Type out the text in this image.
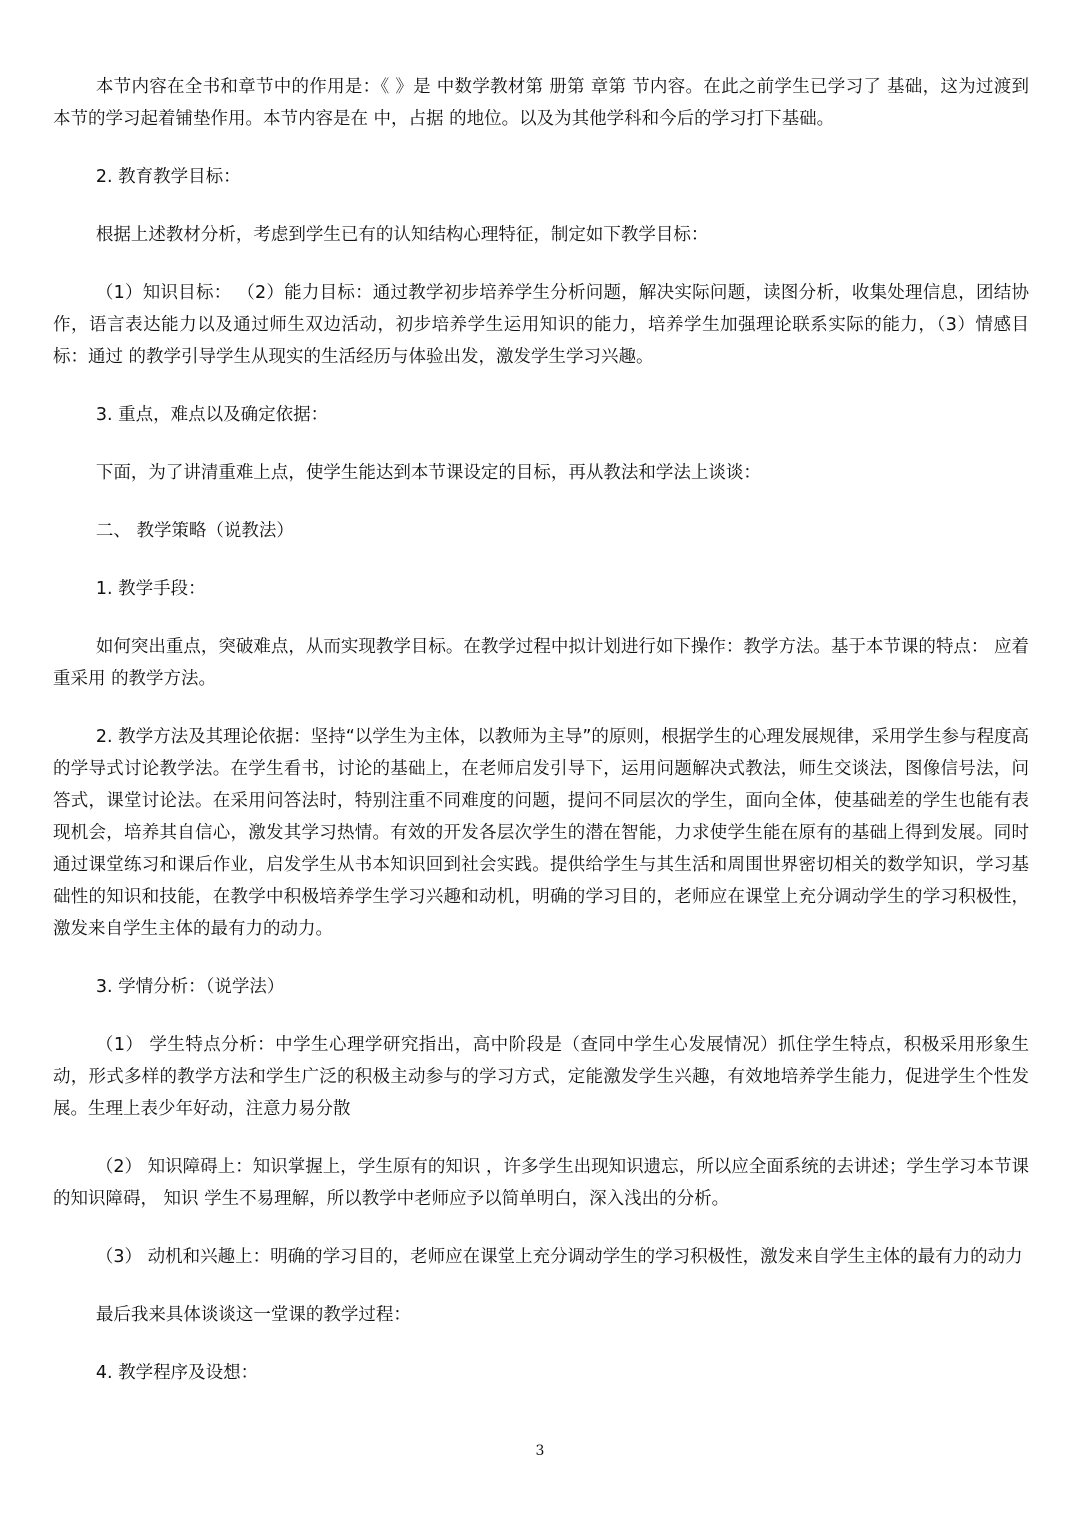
本节内容在全书和章节中的作用是：《 》是 中数学教材第 册第 章第 节内容。在此之前学生已学习了 基础，这为过渡到本节的学习起着铺垫作用。本节内容是在 中，占据 的地位。以及为其他学科和今后的学习打下基础。

2. 教育教学目标：

根据上述教材分析，考虑到学生已有的认知结构心理特征，制定如下教学目标：

（1）知识目标： （2）能力目标：通过教学初步培养学生分析问题，解决实际问题，读图分析，收集处理信息，团结协作，语言表达能力以及通过师生双边活动，初步培养学生运用知识的能力，培养学生加强理论联系实际的能力，（3）情感目标：通过 的教学引导学生从现实的生活经历与体验出发，激发学生学习兴趣。

3. 重点，难点以及确定依据：

下面，为了讲清重难上点，使学生能达到本节课设定的目标，再从教法和学法上谈谈：

二、 教学策略（说教法）

1. 教学手段：

如何突出重点，突破难点，从而实现教学目标。在教学过程中拟计划进行如下操作：教学方法。基于本节课的特点： 应着重采用 的教学方法。

2. 教学方法及其理论依据：坚持“以学生为主体，以教师为主导”的原则，根据学生的心理发展规律，采用学生参与程度高的学导式讨论教学法。在学生看书，讨论的基础上，在老师启发引导下，运用问题解决式教法，师生交谈法，图像信号法，问答式，课堂讨论法。在采用问答法时，特别注重不同难度的问题，提问不同层次的学生，面向全体，使基础差的学生也能有表现机会，培养其自信心，激发其学习热情。有效的开发各层次学生的潜在智能，力求使学生能在原有的基础上得到发展。同时通过课堂练习和课后作业，启发学生从书本知识回到社会实践。提供给学生与其生活和周围世界密切相关的数学知识，学习基础性的知识和技能，在教学中积极培养学生学习兴趣和动机，明确的学习目的，老师应在课堂上充分调动学生的学习积极性，激发来自学生主体的最有力的动力。

3. 学情分析：（说学法）

（1） 学生特点分析：中学生心理学研究指出，高中阶段是（查同中学生心发展情况）抓住学生特点，积极采用形象生动，形式多样的教学方法和学生广泛的积极主动参与的学习方式，定能激发学生兴趣，有效地培养学生能力，促进学生个性发展。生理上表少年好动，注意力易分散

（2） 知识障碍上：知识掌握上，学生原有的知识 ，许多学生出现知识遗忘，所以应全面系统的去讲述；学生学习本节课的知识障碍， 知识 学生不易理解，所以教学中老师应予以简单明白，深入浅出的分析。

（3） 动机和兴趣上：明确的学习目的，老师应在课堂上充分调动学生的学习积极性，激发来自学生主体的最有力的动力

最后我来具体谈谈这一堂课的教学过程：

4. 教学程序及设想：

3
